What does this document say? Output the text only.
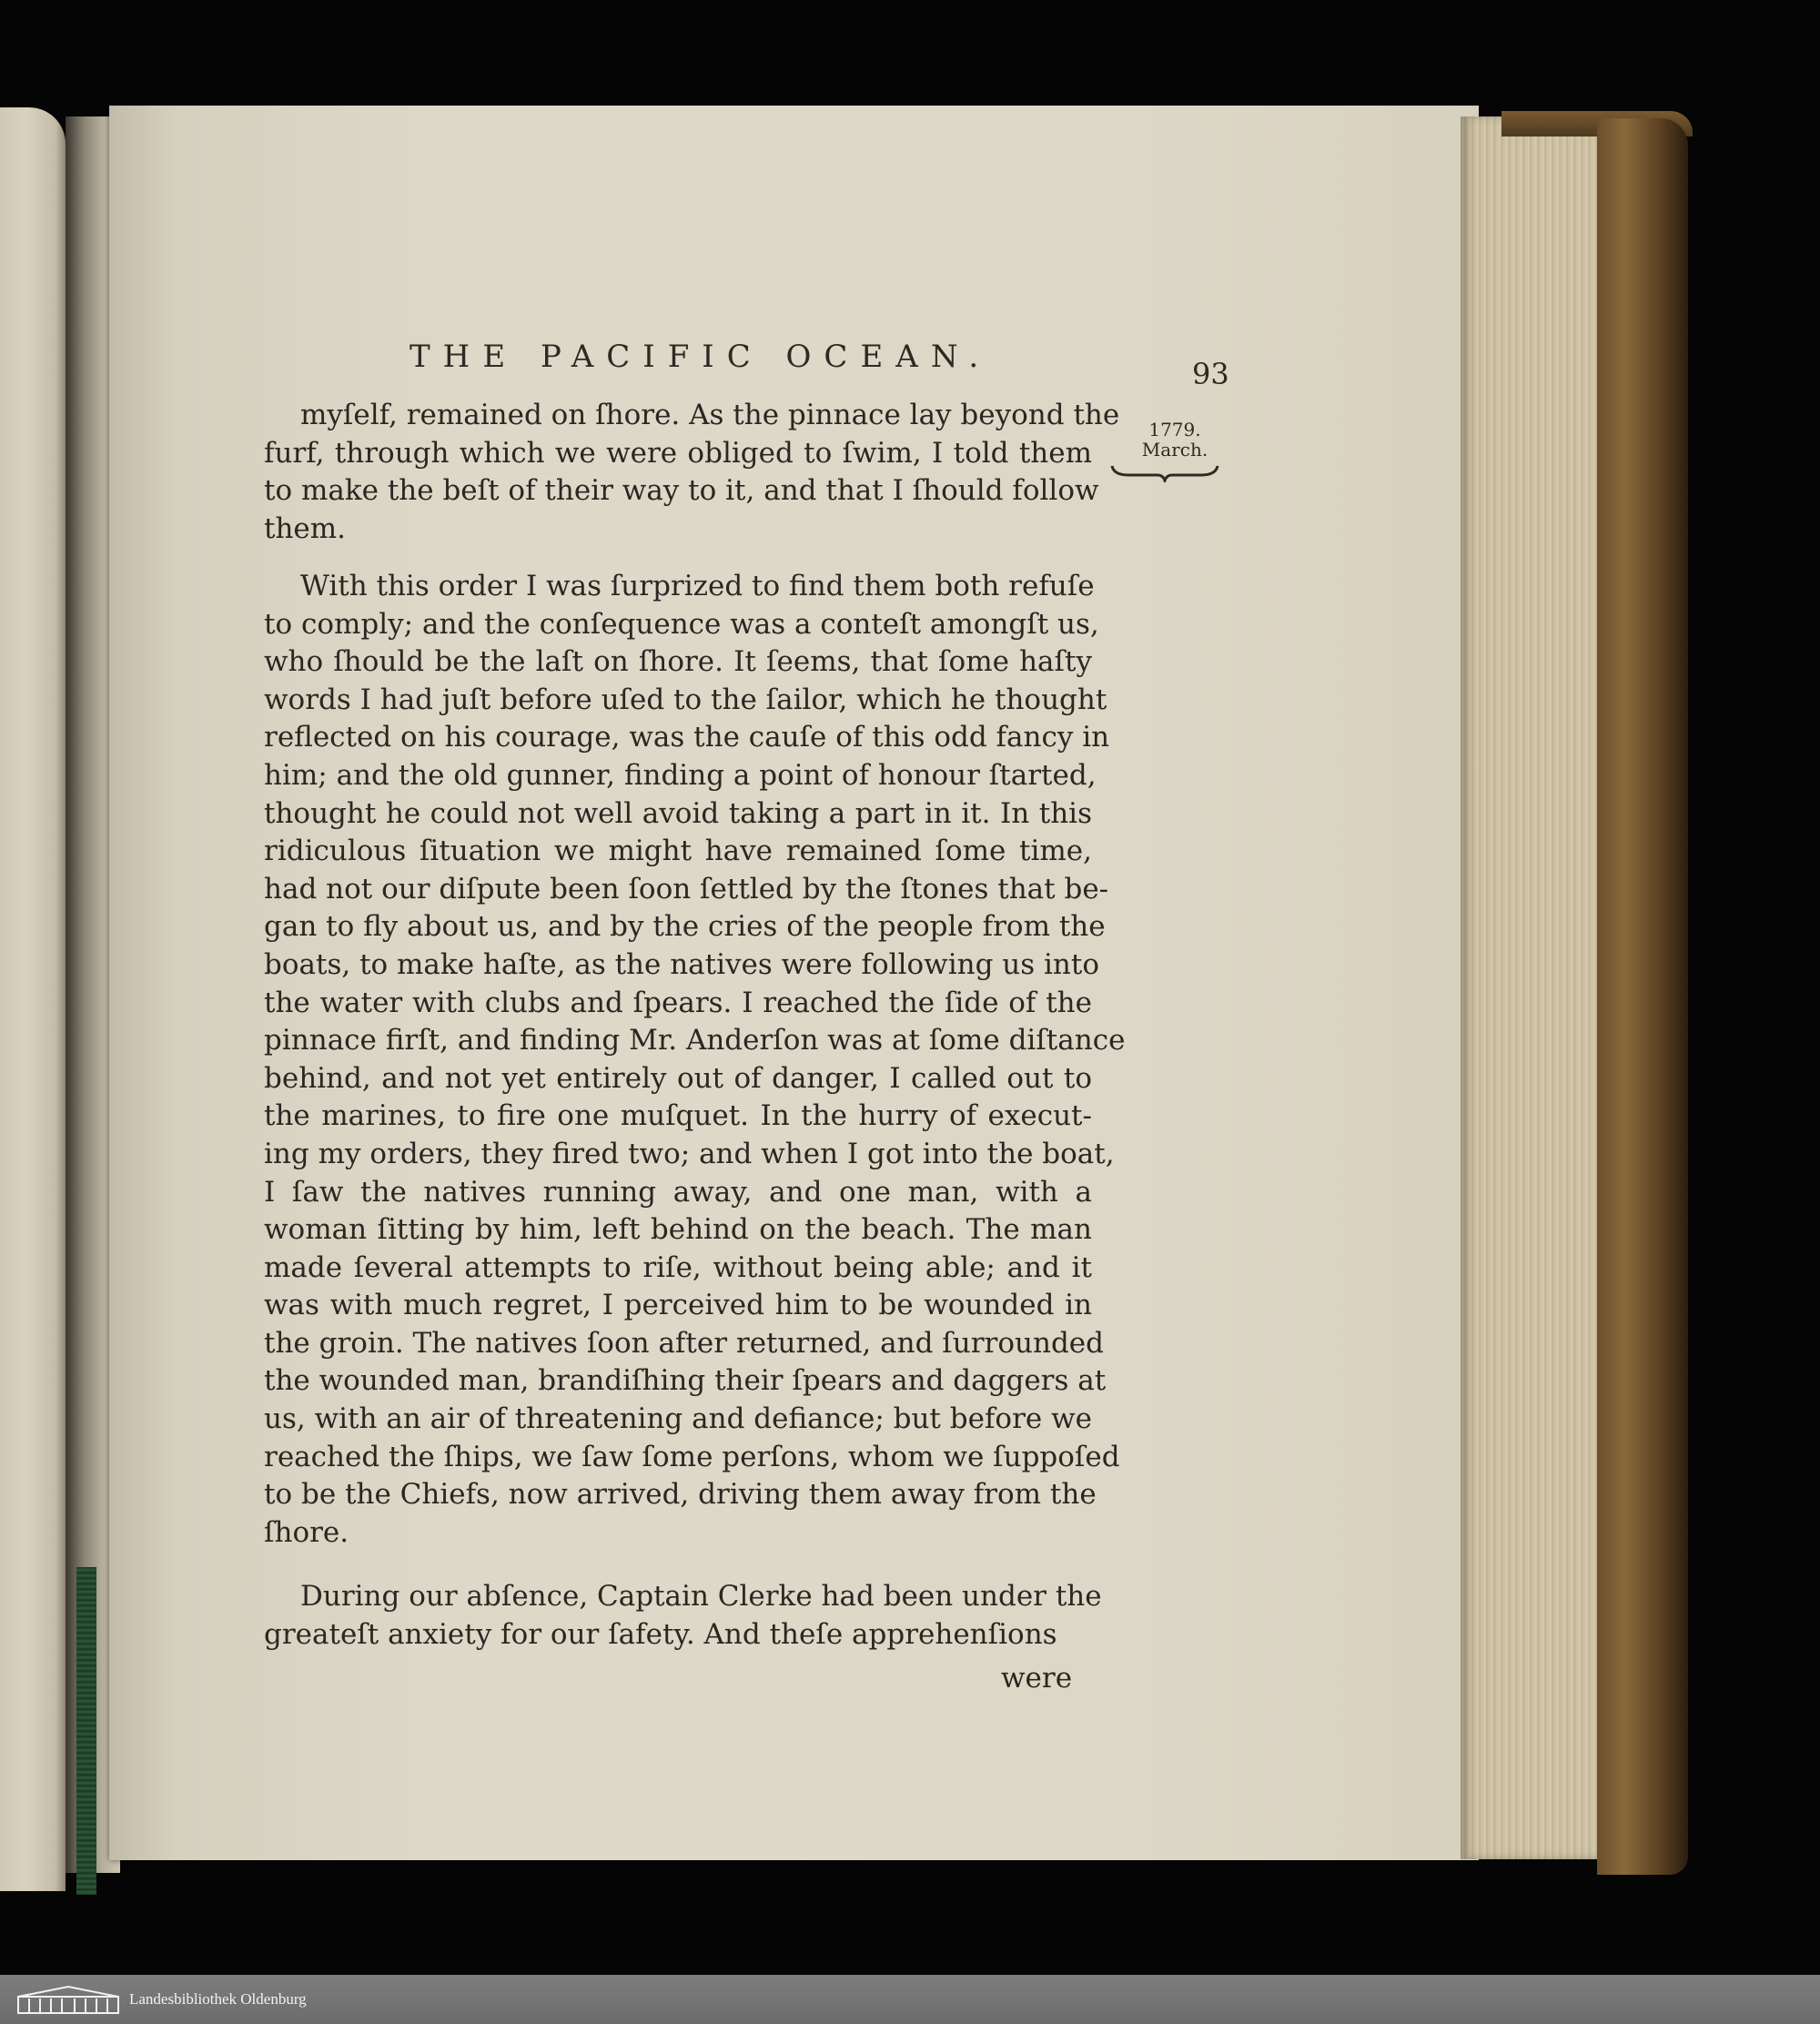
THE PACIFIC OCEAN.	93
1779.
March.
myſelf, remained on ſhore. As the pinnace lay beyond the
furf, through which we were obliged to ſwim, I told them
to make the beſt of their way to it, and that I ſhould follow
them.
With this order I was ſurprized to find them both refuſe
to comply; and the conſequence was a conteſt amongſt us,
who ſhould be the laſt on ſhore. It ſeems, that ſome haſty
words I had juſt before uſed to the ſailor, which he thought
reflected on his courage, was the cauſe of this odd fancy in
him; and the old gunner, finding a point of honour ſtarted,
thought he could not well avoid taking a part in it. In this
ridiculous ſituation we might have remained ſome time,
had not our diſpute been ſoon ſettled by the ſtones that be-
gan to fly about us, and by the cries of the people from the
boats, to make haſte, as the natives were following us into
the water with clubs and ſpears. I reached the ſide of the
pinnace firſt, and finding Mr. Anderſon was at ſome diſtance
behind, and not yet entirely out of danger, I called out to
the marines, to fire one muſquet. In the hurry of execut-
ing my orders, they fired two; and when I got into the boat,
I ſaw the natives running away, and one man, with a
woman ſitting by him, left behind on the beach. The man
made ſeveral attempts to riſe, without being able; and it
was with much regret, I perceived him to be wounded in
the groin. The natives ſoon after returned, and ſurrounded
the wounded man, brandiſhing their ſpears and daggers at
us, with an air of threatening and defiance; but before we
reached the ſhips, we ſaw ſome perſons, whom we ſuppoſed
to be the Chiefs, now arrived, driving them away from the
ſhore.
During our abſence, Captain Clerke had been under the
greateſt anxiety for our ſafety. And theſe apprehenſions
were
Landesbibliothek Oldenburg
